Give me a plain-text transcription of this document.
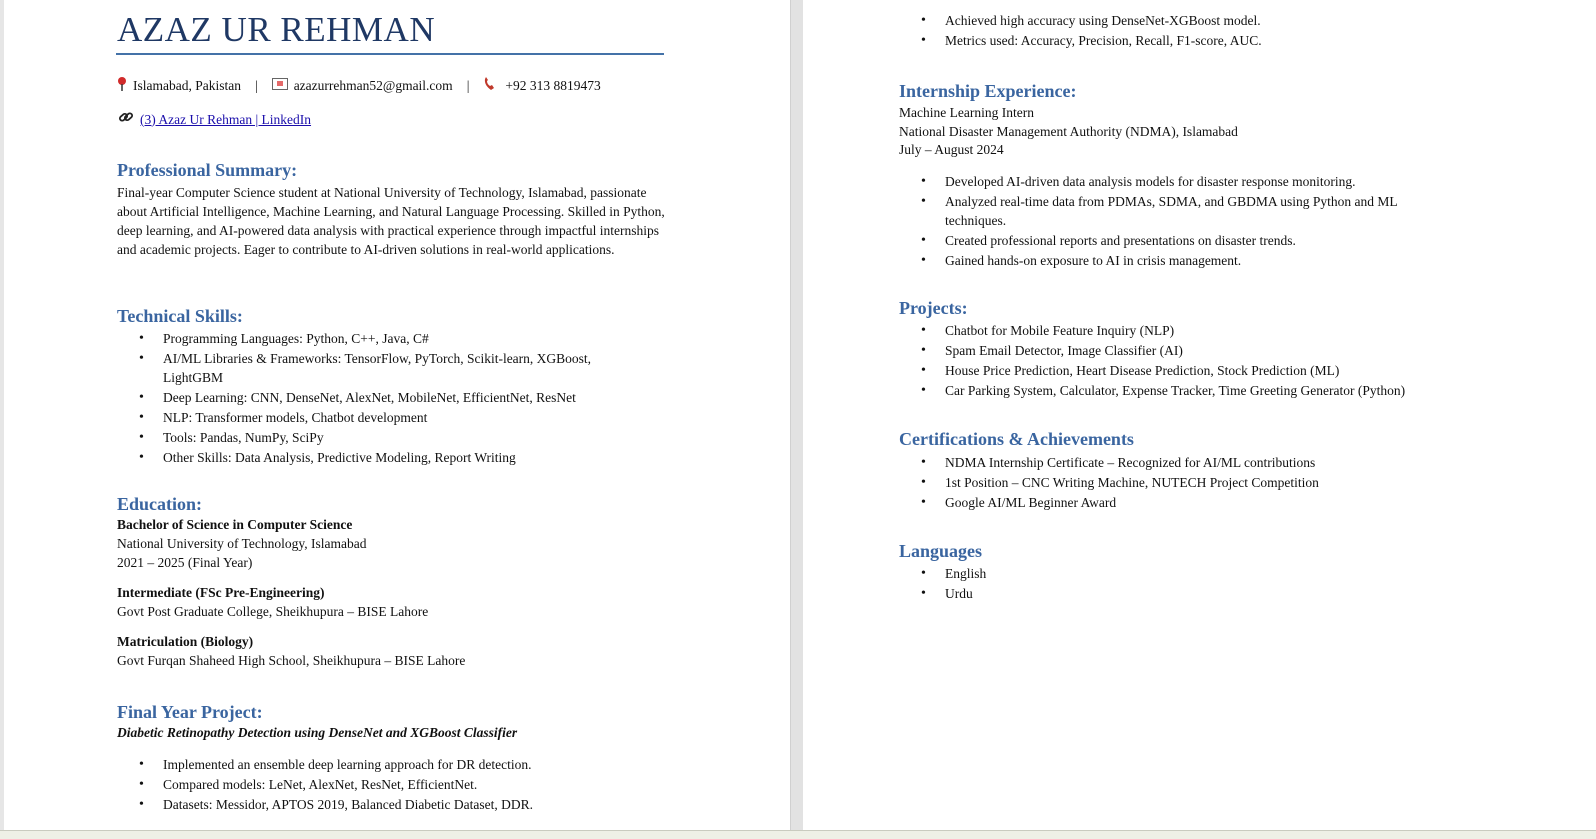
AZAZ UR REHMAN
Islamabad, Pakistan |	azazurrehman52@gmail.com |	+92 313 8819473
(3) Azaz Ur Rehman | LinkedIn
Professional Summary:
Final-year Computer Science student at National University of Technology, Islamabad, passionate about Artificial Intelligence, Machine Learning, and Natural Language Processing. Skilled in Python, deep learning, and AI-powered data analysis with practical experience through impactful internships and academic projects. Eager to contribute to AI-driven solutions in real-world applications.
Technical Skills:
• Programming Languages: Python, C++, Java, C#
• AI/ML Libraries & Frameworks: TensorFlow, PyTorch, Scikit-learn, XGBoost, LightGBM
• Deep Learning: CNN, DenseNet, AlexNet, MobileNet, EfficientNet, ResNet
• NLP: Transformer models, Chatbot development
• Tools: Pandas, NumPy, SciPy
• Other Skills: Data Analysis, Predictive Modeling, Report Writing
Education:
Bachelor of Science in Computer Science
National University of Technology, Islamabad
2021 – 2025 (Final Year)
Intermediate (FSc Pre-Engineering)
Govt Post Graduate College, Sheikhupura – BISE Lahore
Matriculation (Biology)
Govt Furqan Shaheed High School, Sheikhupura – BISE Lahore
Final Year Project:
Diabetic Retinopathy Detection using DenseNet and XGBoost Classifier
• Implemented an ensemble deep learning approach for DR detection.
• Compared models: LeNet, AlexNet, ResNet, EfficientNet.
• Datasets: Messidor, APTOS 2019, Balanced Diabetic Dataset, DDR.
• Achieved high accuracy using DenseNet-XGBoost model.
• Metrics used: Accuracy, Precision, Recall, F1-score, AUC.
Internship Experience:
Machine Learning Intern
National Disaster Management Authority (NDMA), Islamabad
July – August 2024
• Developed AI-driven data analysis models for disaster response monitoring.
• Analyzed real-time data from PDMAs, SDMA, and GBDMA using Python and ML techniques.
• Created professional reports and presentations on disaster trends.
• Gained hands-on exposure to AI in crisis management.
Projects:
• Chatbot for Mobile Feature Inquiry (NLP)
• Spam Email Detector, Image Classifier (AI)
• House Price Prediction, Heart Disease Prediction, Stock Prediction (ML)
• Car Parking System, Calculator, Expense Tracker, Time Greeting Generator (Python)
Certifications & Achievements
• NDMA Internship Certificate – Recognized for AI/ML contributions
• 1st Position – CNC Writing Machine, NUTECH Project Competition
• Google AI/ML Beginner Award
Languages
• English
• Urdu
